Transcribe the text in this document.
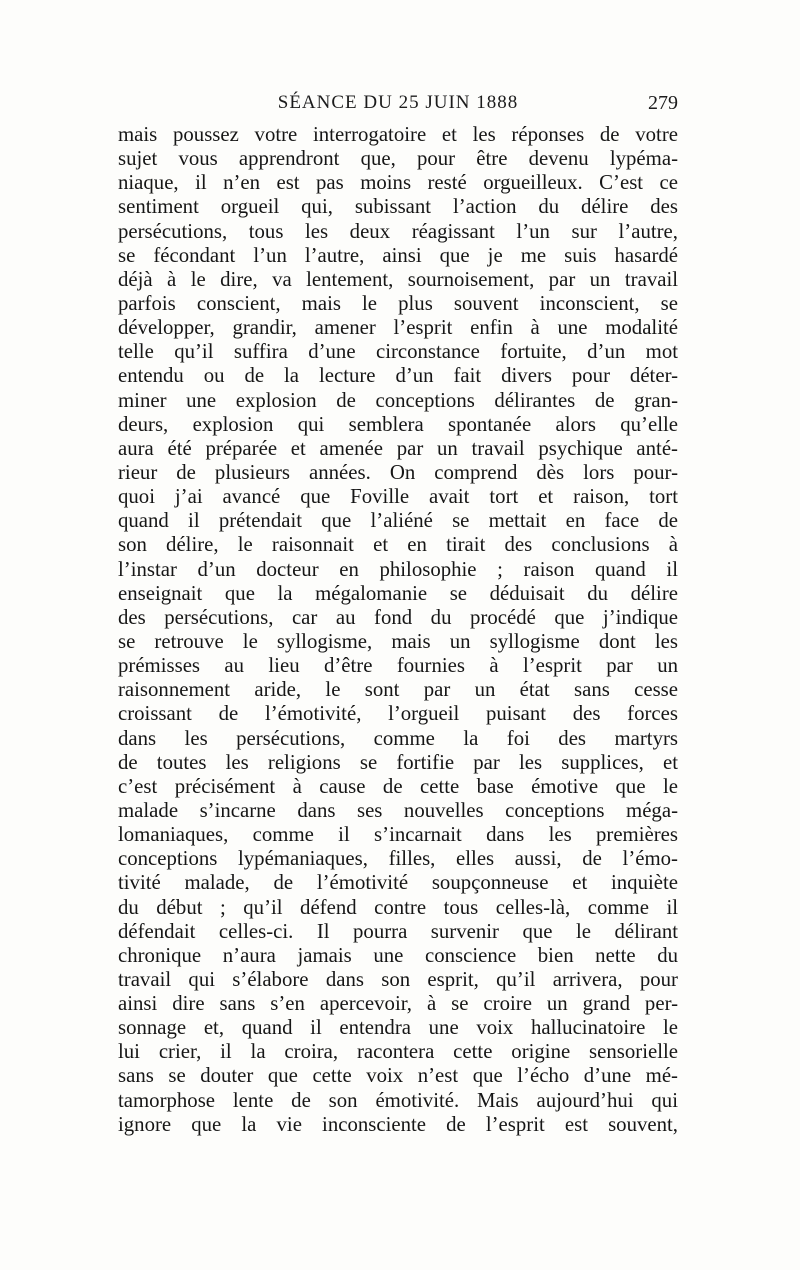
SÉANCE DU 25 JUIN 1888	279
mais poussez votre interrogatoire et les réponses de votre
sujet vous apprendront que, pour être devenu lypéma-
niaque, il n’en est pas moins resté orgueilleux. C’est ce
sentiment orgueil qui, subissant l’action du délire des
persécutions, tous les deux réagissant l’un sur l’autre,
se fécondant l’un l’autre, ainsi que je me suis hasardé
déjà à le dire, va lentement, sournoisement, par un travail
parfois conscient, mais le plus souvent inconscient, se
développer, grandir, amener l’esprit enfin à une modalité
telle qu’il suffira d’une circonstance fortuite, d’un mot
entendu ou de la lecture d’un fait divers pour déter-
miner une explosion de conceptions délirantes de gran-
deurs, explosion qui semblera spontanée alors qu’elle
aura été préparée et amenée par un travail psychique anté-
rieur de plusieurs années. On comprend dès lors pour-
quoi j’ai avancé que Foville avait tort et raison, tort
quand il prétendait que l’aliéné se mettait en face de
son délire, le raisonnait et en tirait des conclusions à
l’instar d’un docteur en philosophie ; raison quand il
enseignait que la mégalomanie se déduisait du délire
des persécutions, car au fond du procédé que j’indique
se retrouve le syllogisme, mais un syllogisme dont les
prémisses au lieu d’être fournies à l’esprit par un
raisonnement aride, le sont par un état sans cesse
croissant de l’émotivité, l’orgueil puisant des forces
dans les persécutions, comme la foi des martyrs
de toutes les religions se fortifie par les supplices, et
c’est précisément à cause de cette base émotive que le
malade s’incarne dans ses nouvelles conceptions méga-
lomaniaques, comme il s’incarnait dans les premières
conceptions lypémaniaques, filles, elles aussi, de l’émo-
tivité malade, de l’émotivité soupçonneuse et inquiète
du début ; qu’il défend contre tous celles-là, comme il
défendait celles-ci. Il pourra survenir que le délirant
chronique n’aura jamais une conscience bien nette du
travail qui s’élabore dans son esprit, qu’il arrivera, pour
ainsi dire sans s’en apercevoir, à se croire un grand per-
sonnage et, quand il entendra une voix hallucinatoire le
lui crier, il la croira, racontera cette origine sensorielle
sans se douter que cette voix n’est que l’écho d’une mé-
tamorphose lente de son émotivité. Mais aujourd’hui qui
ignore que la vie inconsciente de l’esprit est souvent,
